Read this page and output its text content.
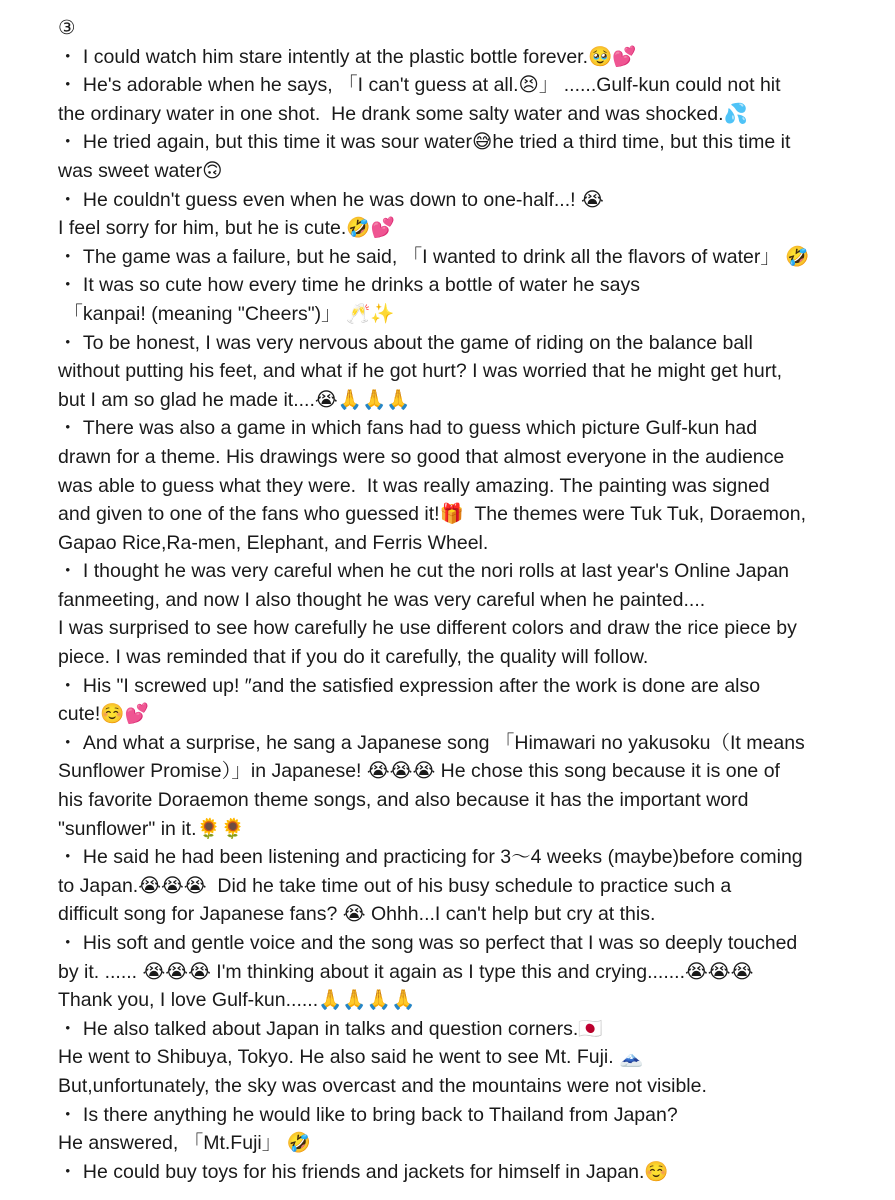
③
・ I could watch him stare intently at the plastic bottle forever.🥹💕
・ He's adorable when he says, 「I can't guess at all.😣」 ......Gulf-kun could not hit
the ordinary water in one shot.  He drank some salty water and was shocked.💦
・ He tried again, but this time it was sour water😅he tried a third time, but this time it
was sweet water🙃
・ He couldn't guess even when he was down to one-half...! 😭
I feel sorry for him, but he is cute.🤣💕
・ The game was a failure, but he said, 「I wanted to drink all the flavors of water」 🤣
・ It was so cute how every time he drinks a bottle of water he says
「kanpai! (meaning "Cheers")」 🥂✨
・ To be honest, I was very nervous about the game of riding on the balance ball
without putting his feet, and what if he got hurt? I was worried that he might get hurt,
but I am so glad he made it....😭🙏🙏🙏
・ There was also a game in which fans had to guess which picture Gulf-kun had
drawn for a theme. His drawings were so good that almost everyone in the audience
was able to guess what they were.  It was really amazing. The painting was signed
and given to one of the fans who guessed it!🎁  The themes were Tuk Tuk, Doraemon,
Gapao Rice,Ra-men, Elephant, and Ferris Wheel.
・ I thought he was very careful when he cut the nori rolls at last year's Online Japan
fanmeeting, and now I also thought he was very careful when he painted....
I was surprised to see how carefully he use different colors and draw the rice piece by
piece. I was reminded that if you do it carefully, the quality will follow.
・ His "I screwed up! ″and the satisfied expression after the work is done are also
cute!☺️💕
・ And what a surprise, he sang a Japanese song 「Himawari no yakusoku（It means
Sunflower Promise）」in Japanese! 😭😭😭 He chose this song because it is one of
his favorite Doraemon theme songs, and also because it has the important word
"sunflower" in it.🌻🌻
・ He said he had been listening and practicing for 3〜4 weeks (maybe)before coming
to Japan.😭😭😭  Did he take time out of his busy schedule to practice such a
difficult song for Japanese fans? 😭 Ohhh...I can't help but cry at this.
・ His soft and gentle voice and the song was so perfect that I was so deeply touched
by it. ...... 😭😭😭 I'm thinking about it again as I type this and crying.......😭😭😭
Thank you, I love Gulf-kun......🙏🙏🙏🙏
・ He also talked about Japan in talks and question corners.🇯🇵
He went to Shibuya, Tokyo. He also said he went to see Mt. Fuji. 🗻
But,unfortunately, the sky was overcast and the mountains were not visible.
・ Is there anything he would like to bring back to Thailand from Japan?
He answered, 「Mt.Fuji」 🤣
・ He could buy toys for his friends and jackets for himself in Japan.☺️
